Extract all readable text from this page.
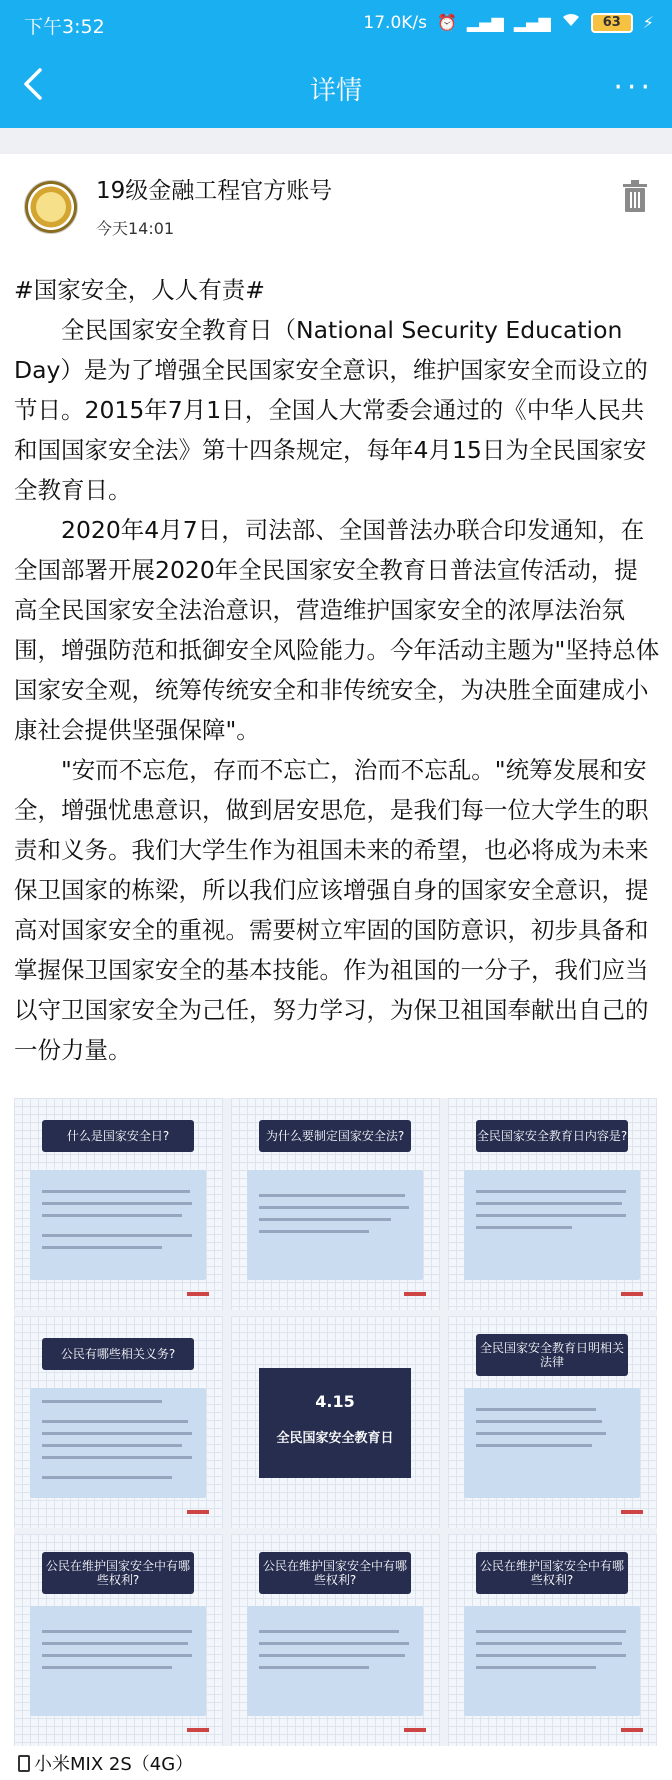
下午3:52	17.0K/s ⏰ ▂▄▆ ▂▄▆	63 ⚡
详情	···
19级金融工程官方账号
今天14:01

#国家安全，人人有责#

全民国家安全教育日（National Security Education Day）是为了增强全民国家安全意识，维护国家安全而设立的节日。2015年7月1日，全国人大常委会通过的《中华人民共和国国家安全法》第十四条规定，每年4月15日为全民国家安全教育日。

2020年4月7日，司法部、全国普法办联合印发通知，在全国部署开展2020年全民国家安全教育日普法宣传活动，提高全民国家安全法治意识，营造维护国家安全的浓厚法治氛围，增强防范和抵御安全风险能力。今年活动主题为"坚持总体国家安全观，统筹传统安全和非传统安全，为决胜全面建成小康社会提供坚强保障"。

"安而不忘危，存而不忘亡，治而不忘乱。"统筹发展和安全，增强忧患意识，做到居安思危，是我们每一位大学生的职责和义务。我们大学生作为祖国未来的希望，也必将成为未来保卫国家的栋梁，所以我们应该增强自身的国家安全意识，提高对国家安全的重视。需要树立牢固的国防意识，初步具备和掌握保卫国家安全的基本技能。作为祖国的一分子，我们应当以守卫国家安全为己任，努力学习，为保卫祖国奉献出自己的一份力量。

什么是国家安全日?	为什么要制定国家安全法?	全民国家安全教育日内容是?
公民有哪些相关义务?
4.15
全民国家安全教育日
全民国家安全教育日明相关法律
公民在维护国家安全中有哪些权利?
公民在维护国家安全中有哪些权利?
公民在维护国家安全中有哪些权利?
小米MIX 2S（4G）
